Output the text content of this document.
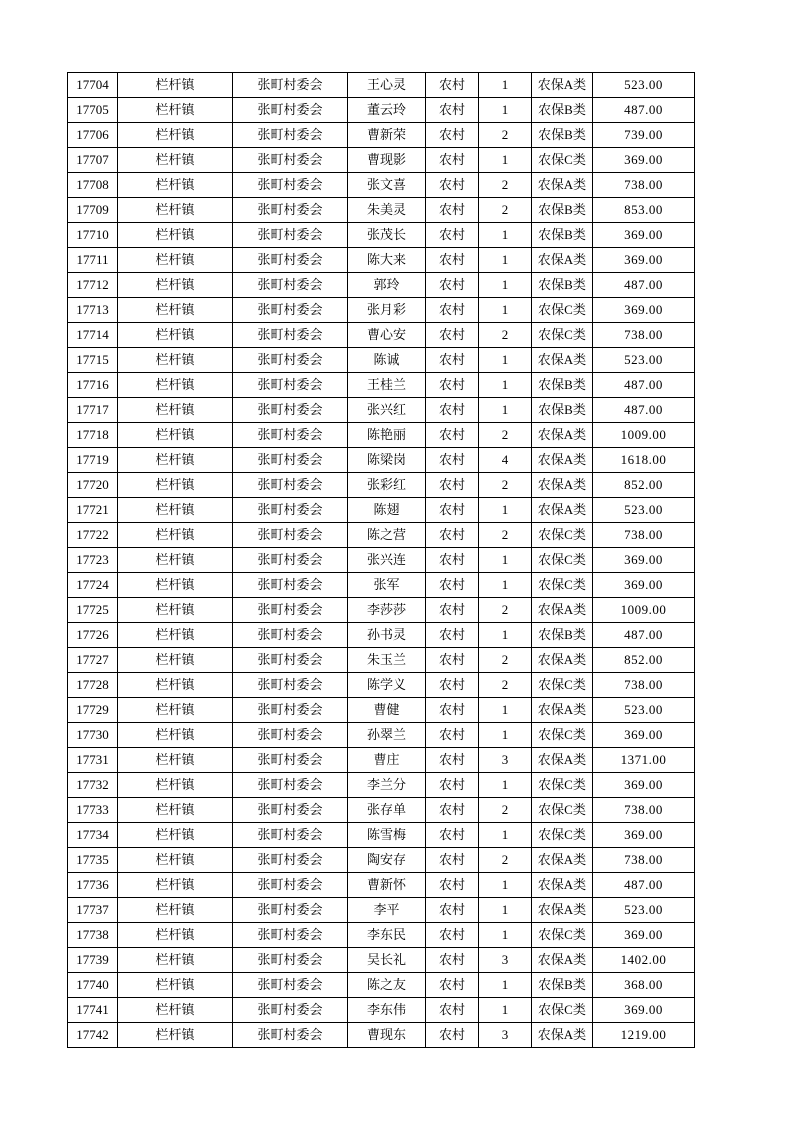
17704	栏杆镇	张町村委会	王心灵	农村	1	农保A类	523.00
17705	栏杆镇	张町村委会	董云玲	农村	1	农保B类	487.00
17706	栏杆镇	张町村委会	曹新荣	农村	2	农保B类	739.00
17707	栏杆镇	张町村委会	曹现影	农村	1	农保C类	369.00
17708	栏杆镇	张町村委会	张文喜	农村	2	农保A类	738.00
17709	栏杆镇	张町村委会	朱美灵	农村	2	农保B类	853.00
17710	栏杆镇	张町村委会	张茂长	农村	1	农保B类	369.00
17711	栏杆镇	张町村委会	陈大来	农村	1	农保A类	369.00
17712	栏杆镇	张町村委会	郭玲	农村	1	农保B类	487.00
17713	栏杆镇	张町村委会	张月彩	农村	1	农保C类	369.00
17714	栏杆镇	张町村委会	曹心安	农村	2	农保C类	738.00
17715	栏杆镇	张町村委会	陈诚	农村	1	农保A类	523.00
17716	栏杆镇	张町村委会	王桂兰	农村	1	农保B类	487.00
17717	栏杆镇	张町村委会	张兴红	农村	1	农保B类	487.00
17718	栏杆镇	张町村委会	陈艳丽	农村	2	农保A类	1009.00
17719	栏杆镇	张町村委会	陈梁岗	农村	4	农保A类	1618.00
17720	栏杆镇	张町村委会	张彩红	农村	2	农保A类	852.00
17721	栏杆镇	张町村委会	陈翅	农村	1	农保A类	523.00
17722	栏杆镇	张町村委会	陈之营	农村	2	农保C类	738.00
17723	栏杆镇	张町村委会	张兴连	农村	1	农保C类	369.00
17724	栏杆镇	张町村委会	张军	农村	1	农保C类	369.00
17725	栏杆镇	张町村委会	李莎莎	农村	2	农保A类	1009.00
17726	栏杆镇	张町村委会	孙书灵	农村	1	农保B类	487.00
17727	栏杆镇	张町村委会	朱玉兰	农村	2	农保A类	852.00
17728	栏杆镇	张町村委会	陈学义	农村	2	农保C类	738.00
17729	栏杆镇	张町村委会	曹健	农村	1	农保A类	523.00
17730	栏杆镇	张町村委会	孙翠兰	农村	1	农保C类	369.00
17731	栏杆镇	张町村委会	曹庄	农村	3	农保A类	1371.00
17732	栏杆镇	张町村委会	李兰分	农村	1	农保C类	369.00
17733	栏杆镇	张町村委会	张存单	农村	2	农保C类	738.00
17734	栏杆镇	张町村委会	陈雪梅	农村	1	农保C类	369.00
17735	栏杆镇	张町村委会	陶安存	农村	2	农保A类	738.00
17736	栏杆镇	张町村委会	曹新怀	农村	1	农保A类	487.00
17737	栏杆镇	张町村委会	李平	农村	1	农保A类	523.00
17738	栏杆镇	张町村委会	李东民	农村	1	农保C类	369.00
17739	栏杆镇	张町村委会	吴长礼	农村	3	农保A类	1402.00
17740	栏杆镇	张町村委会	陈之友	农村	1	农保B类	368.00
17741	栏杆镇	张町村委会	李东伟	农村	1	农保C类	369.00
17742	栏杆镇	张町村委会	曹现东	农村	3	农保A类	1219.00
